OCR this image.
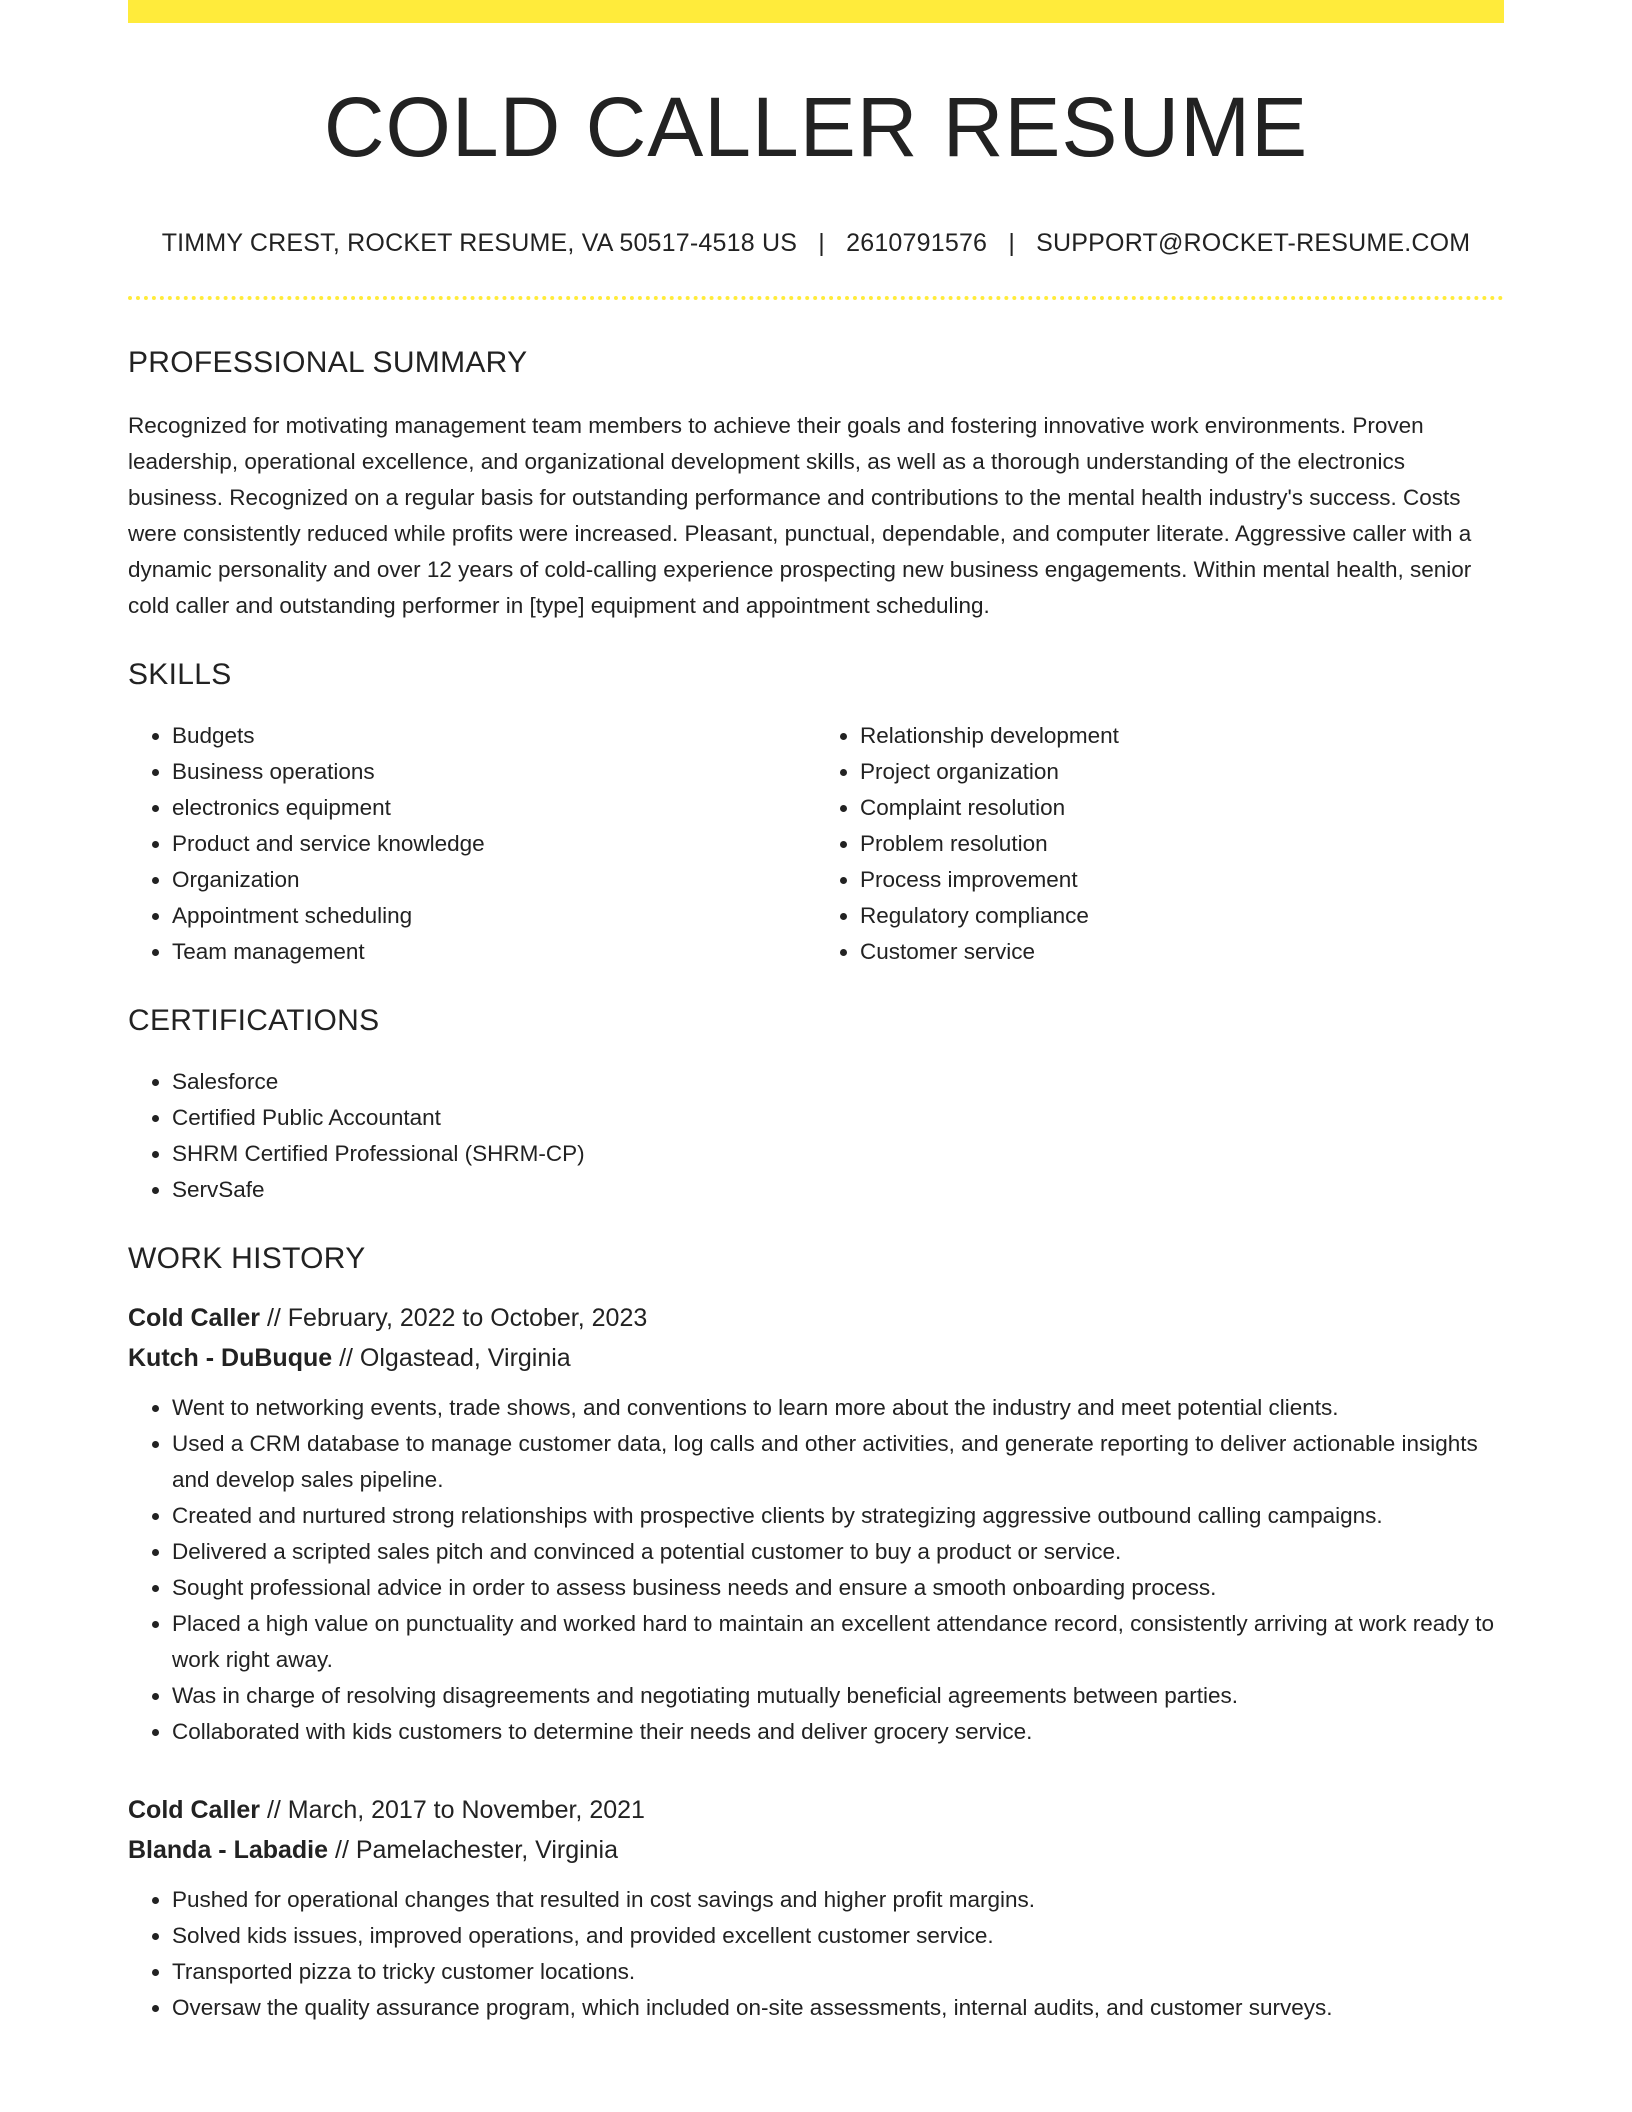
COLD CALLER RESUME
TIMMY CREST, ROCKET RESUME, VA 50517-4518 US | 2610791576 | SUPPORT@ROCKET-RESUME.COM
PROFESSIONAL SUMMARY

Recognized for motivating management team members to achieve their goals and fostering innovative work environments. Proven leadership, operational excellence, and organizational development skills, as well as a thorough understanding of the electronics business. Recognized on a regular basis for outstanding performance and contributions to the mental health industry's success. Costs were consistently reduced while profits were increased. Pleasant, punctual, dependable, and computer literate. Aggressive caller with a dynamic personality and over 12 years of cold-calling experience prospecting new business engagements. Within mental health, senior cold caller and outstanding performer in [type] equipment and appointment scheduling.

SKILLS
• Budgets
• Business operations
• electronics equipment
• Product and service knowledge
• Organization
• Appointment scheduling
• Team management
• Relationship development
• Project organization
• Complaint resolution
• Problem resolution
• Process improvement
• Regulatory compliance
• Customer service
CERTIFICATIONS
• Salesforce
• Certified Public Accountant
• SHRM Certified Professional (SHRM-CP)
• ServSafe
WORK HISTORY
Cold Caller // February, 2022 to October, 2023
Kutch - DuBuque // Olgastead, Virginia
• Went to networking events, trade shows, and conventions to learn more about the industry and meet potential clients.
• Used a CRM database to manage customer data, log calls and other activities, and generate reporting to deliver actionable insights and develop sales pipeline.
• Created and nurtured strong relationships with prospective clients by strategizing aggressive outbound calling campaigns.
• Delivered a scripted sales pitch and convinced a potential customer to buy a product or service.
• Sought professional advice in order to assess business needs and ensure a smooth onboarding process.
• Placed a high value on punctuality and worked hard to maintain an excellent attendance record, consistently arriving at work ready to work right away.
• Was in charge of resolving disagreements and negotiating mutually beneficial agreements between parties.
• Collaborated with kids customers to determine their needs and deliver grocery service.
Cold Caller // March, 2017 to November, 2021
Blanda - Labadie // Pamelachester, Virginia
• Pushed for operational changes that resulted in cost savings and higher profit margins.
• Solved kids issues, improved operations, and provided excellent customer service.
• Transported pizza to tricky customer locations.
• Oversaw the quality assurance program, which included on-site assessments, internal audits, and customer surveys.
